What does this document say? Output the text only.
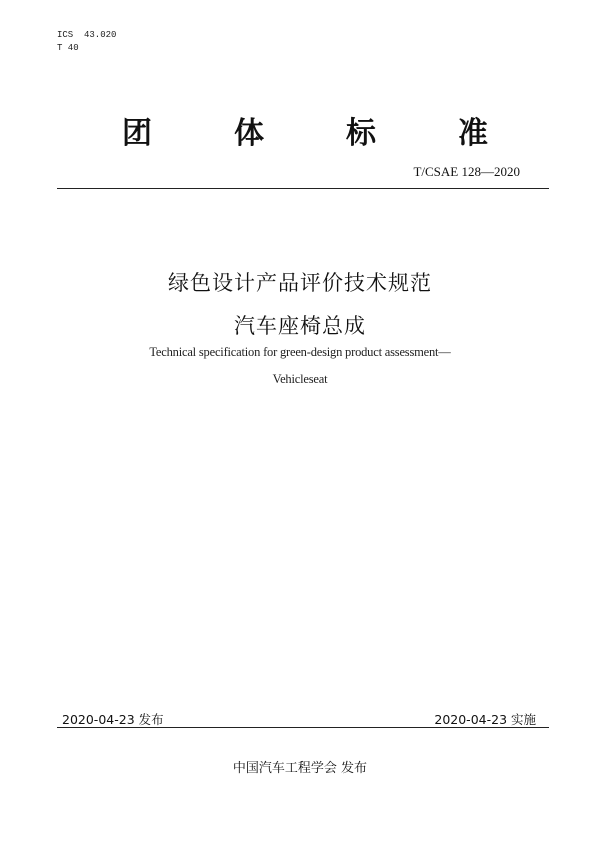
ICS  43.020
T 40
团	体	标	准
T/CSAE 128—2020
绿色设计产品评价技术规范
汽车座椅总成
Technical specification for green-design product assessment—
Vehicleseat
2020-04-23 发布	2020-04-23 实施
中国汽车工程学会 发布
